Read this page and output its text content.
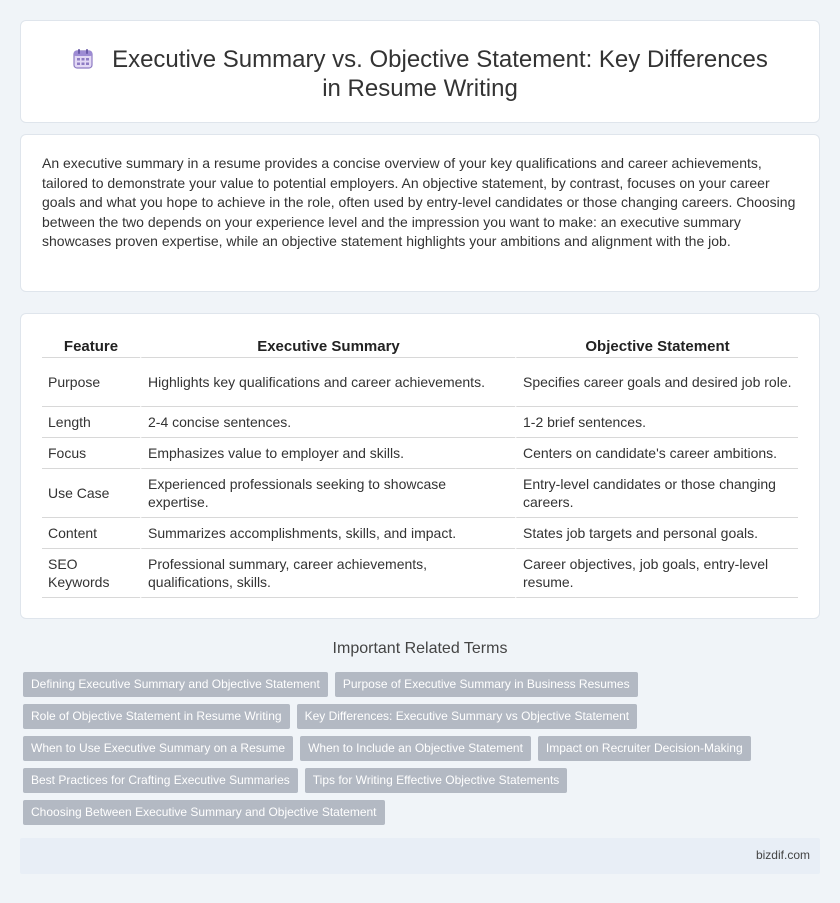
Executive Summary vs. Objective Statement: Key Differences in Resume Writing

An executive summary in a resume provides a concise overview of your key qualifications and career achievements, tailored to demonstrate your value to potential employers. An objective statement, by contrast, focuses on your career goals and what you hope to achieve in the role, often used by entry-level candidates or those changing careers. Choosing between the two depends on your experience level and the impression you want to make: an executive summary showcases proven expertise, while an objective statement highlights your ambitions and alignment with the job.

Feature	Executive Summary	Objective Statement
Purpose	Highlights key qualifications and career achievements.	Specifies career goals and desired job role.
Length	2-4 concise sentences.	1-2 brief sentences.
Focus	Emphasizes value to employer and skills.	Centers on candidate's career ambitions.
Use Case	Experienced professionals seeking to showcase expertise.	Entry-level candidates or those changing careers.
Content	Summarizes accomplishments, skills, and impact.	States job targets and personal goals.
SEO Keywords	Professional summary, career achievements, qualifications, skills.	Career objectives, job goals, entry-level resume.
Important Related Terms
Defining Executive Summary and Objective Statement	Purpose of Executive Summary in Business Resumes
Role of Objective Statement in Resume Writing	Key Differences: Executive Summary vs Objective Statement
When to Use Executive Summary on a Resume	When to Include an Objective Statement	Impact on Recruiter Decision-Making
Best Practices for Crafting Executive Summaries	Tips for Writing Effective Objective Statements
Choosing Between Executive Summary and Objective Statement
bizdif.com
